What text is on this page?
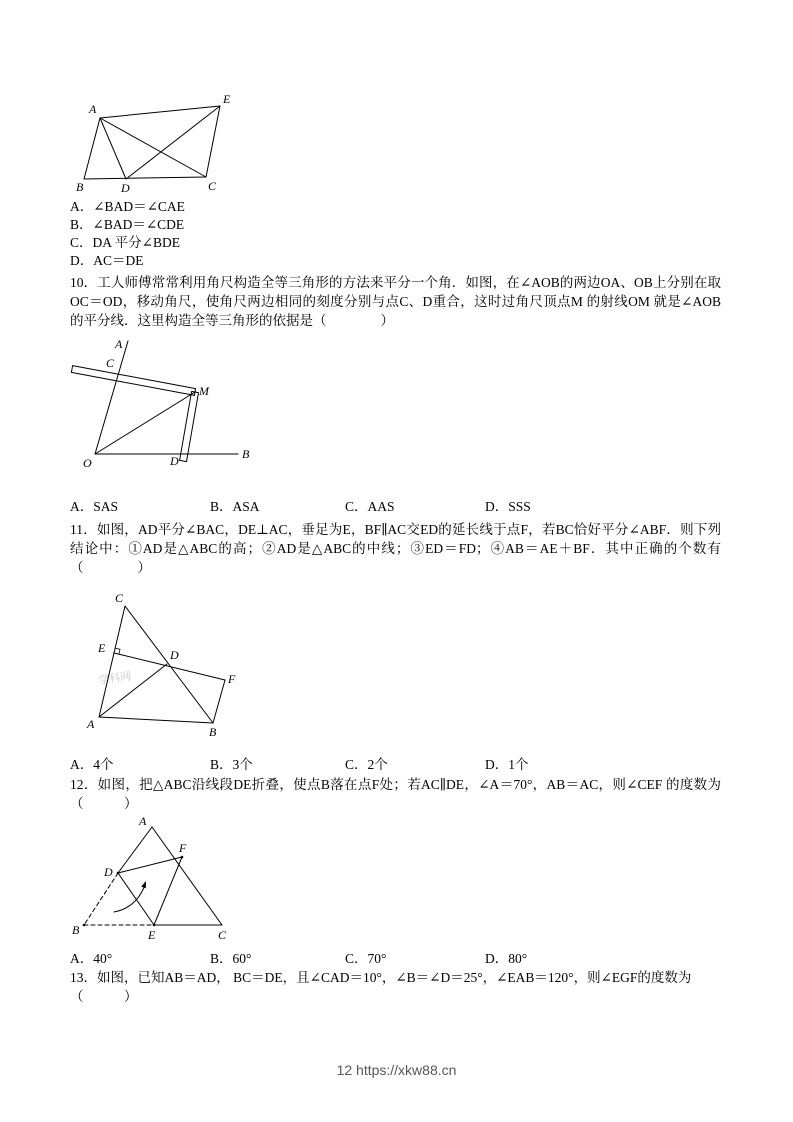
A
E
B	D	C
A．∠BAD＝∠CAE
B．∠BAD＝∠CDE
C．DA 平分∠BDE
D．AC＝DE
10．工人师傅常常利用角尺构造全等三角形的方法来平分一个角．如图，在∠AOB的两边OA、OB上分别在取OC＝OD，移动角尺，使角尺两边相同的刻度分别与点C、D重合，这时过角尺顶点M 的射线OM 就是∠AOB 的平分线．这里构造全等三角形的依据是（　　　　）
A
C
M
O	D	B
A．SAS	B．ASA	C．AAS	D．SSS
11．如图，AD平分∠BAC，DE⊥AC，垂足为E，BF∥AC交ED的延长线于点F，若BC恰好平分∠ABF．则下列结论中：①AD是△ABC的高；②AD是△ABC的中线；③ED＝FD；④AB＝AE＋BF．其中正确的个数有（　　　　）
学科网
C
E	D
F
A
B
A．4个	B．3个	C．2个	D．1个
12．如图，把△ABC沿线段DE折叠，使点B落在点F处；若AC∥DE，∠A＝70°，AB＝AC，则∠CEF 的度数为（　　　）
A
F
D
B	E	C
A．40°	B．60°	C．70°	D．80°
13．如图，已知AB＝AD， BC＝DE，且∠CAD＝10°，∠B＝∠D＝25°，∠EAB＝120°，则∠EGF的度数为
（　　　）
12 https://xkw88.cn
